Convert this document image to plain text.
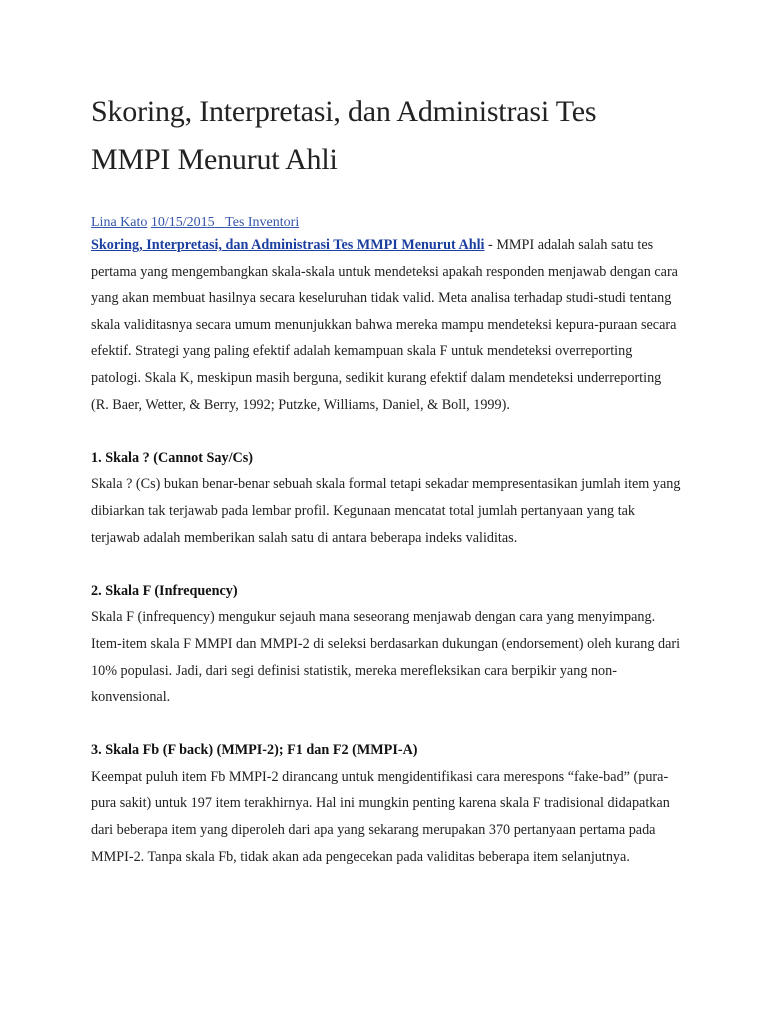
Skoring, Interpretasi, dan Administrasi Tes MMPI Menurut Ahli
Lina Kato 10/15/2015 Tes Inventori

Skoring, Interpretasi, dan Administrasi Tes MMPI Menurut Ahli - MMPI adalah salah satu tes pertama yang mengembangkan skala-skala untuk mendeteksi apakah responden menjawab dengan cara yang akan membuat hasilnya secara keseluruhan tidak valid. Meta analisa terhadap studi-studi tentang skala validitasnya secara umum menunjukkan bahwa mereka mampu mendeteksi kepura-puraan secara efektif. Strategi yang paling efektif adalah kemampuan skala F untuk mendeteksi overreporting patologi. Skala K, meskipun masih berguna, sedikit kurang efektif dalam mendeteksi underreporting (R. Baer, Wetter, & Berry, 1992; Putzke, Williams, Daniel, & Boll, 1999).

1. Skala ? (Cannot Say/Cs)

Skala ? (Cs) bukan benar-benar sebuah skala formal tetapi sekadar mempresentasikan jumlah item yang dibiarkan tak terjawab pada lembar profil. Kegunaan mencatat total jumlah pertanyaan yang tak terjawab adalah memberikan salah satu di antara beberapa indeks validitas.

2. Skala F (Infrequency)

Skala F (infrequency) mengukur sejauh mana seseorang menjawab dengan cara yang menyimpang. Item-item skala F MMPI dan MMPI-2 di seleksi berdasarkan dukungan (endorsement) oleh kurang dari 10% populasi. Jadi, dari segi definisi statistik, mereka merefleksikan cara berpikir yang non-konvensional.

3. Skala Fb (F back) (MMPI-2); F1 dan F2 (MMPI-A)

Keempat puluh item Fb MMPI-2 dirancang untuk mengidentifikasi cara merespons “fake-bad” (pura-pura sakit) untuk 197 item terakhirnya. Hal ini mungkin penting karena skala F tradisional didapatkan dari beberapa item yang diperoleh dari apa yang sekarang merupakan 370 pertanyaan pertama pada MMPI-2. Tanpa skala Fb, tidak akan ada pengecekan pada validitas beberapa item selanjutnya.
